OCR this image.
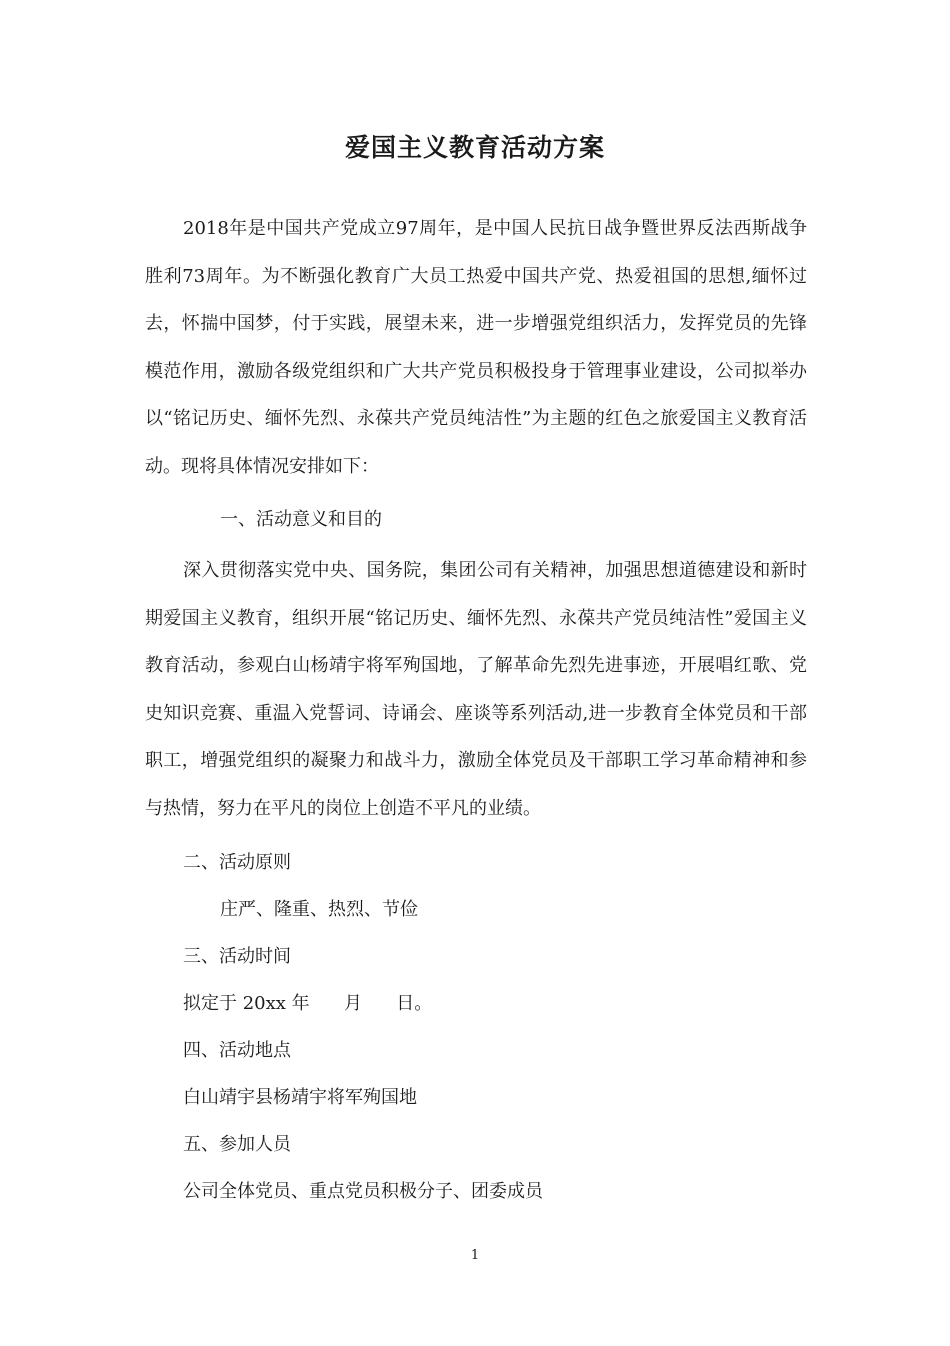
爱国主义教育活动方案

2018年是中国共产党成立97周年，是中国人民抗日战争暨世界反法西斯战争胜利73周年。为不断强化教育广大员工热爱中国共产党、热爱祖国的思想,缅怀过去，怀揣中国梦，付于实践，展望未来，进一步增强党组织活力，发挥党员的先锋模范作用，激励各级党组织和广大共产党员积极投身于管理事业建设，公司拟举办以“铭记历史、缅怀先烈、永葆共产党员纯洁性”为主题的红色之旅爱国主义教育活动。现将具体情况安排如下：

一、活动意义和目的

深入贯彻落实党中央、国务院，集团公司有关精神，加强思想道德建设和新时期爱国主义教育，组织开展“铭记历史、缅怀先烈、永葆共产党员纯洁性”爱国主义教育活动，参观白山杨靖宇将军殉国地，了解革命先烈先进事迹，开展唱红歌、党史知识竞赛、重温入党誓词、诗诵会、座谈等系列活动,进一步教育全体党员和干部职工，增强党组织的凝聚力和战斗力，激励全体党员及干部职工学习革命精神和参与热情，努力在平凡的岗位上创造不平凡的业绩。

二、活动原则

庄严、隆重、热烈、节俭

三、活动时间

拟定于 20xx 年      月      日。

四、活动地点

白山靖宇县杨靖宇将军殉国地

五、参加人员

公司全体党员、重点党员积极分子、团委成员

1
